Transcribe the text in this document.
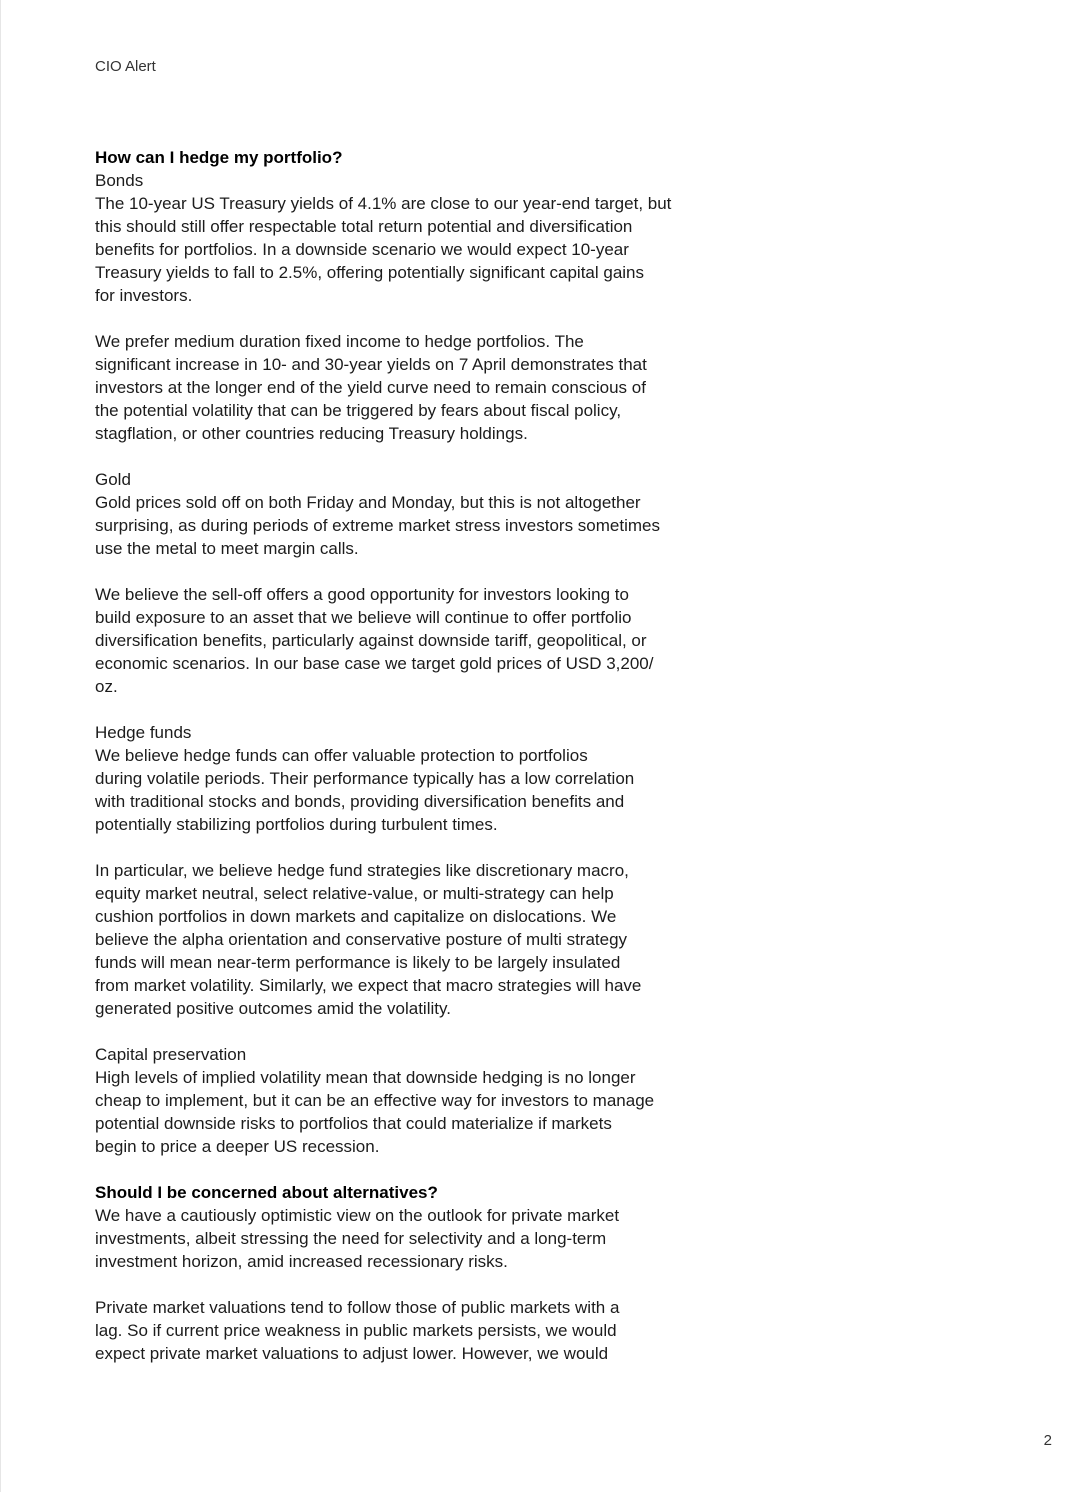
CIO Alert

How can I hedge my portfolio?

Bonds

The 10-year US Treasury yields of 4.1% are close to our year-end target, but
this should still offer respectable total return potential and diversification
benefits for portfolios. In a downside scenario we would expect 10-year
Treasury yields to fall to 2.5%, offering potentially significant capital gains
for investors.

We prefer medium duration fixed income to hedge portfolios. The
significant increase in 10- and 30-year yields on 7 April demonstrates that
investors at the longer end of the yield curve need to remain conscious of
the potential volatility that can be triggered by fears about fiscal policy,
stagflation, or other countries reducing Treasury holdings.

Gold

Gold prices sold off on both Friday and Monday, but this is not altogether
surprising, as during periods of extreme market stress investors sometimes
use the metal to meet margin calls.

We believe the sell-off offers a good opportunity for investors looking to
build exposure to an asset that we believe will continue to offer portfolio
diversification benefits, particularly against downside tariff, geopolitical, or
economic scenarios. In our base case we target gold prices of USD 3,200/
oz.

Hedge funds

We believe hedge funds can offer valuable protection to portfolios
during volatile periods. Their performance typically has a low correlation
with traditional stocks and bonds, providing diversification benefits and
potentially stabilizing portfolios during turbulent times.

In particular, we believe hedge fund strategies like discretionary macro,
equity market neutral, select relative-value, or multi-strategy can help
cushion portfolios in down markets and capitalize on dislocations. We
believe the alpha orientation and conservative posture of multi strategy
funds will mean near-term performance is likely to be largely insulated
from market volatility. Similarly, we expect that macro strategies will have
generated positive outcomes amid the volatility.

Capital preservation

High levels of implied volatility mean that downside hedging is no longer
cheap to implement, but it can be an effective way for investors to manage
potential downside risks to portfolios that could materialize if markets
begin to price a deeper US recession.

Should I be concerned about alternatives?

We have a cautiously optimistic view on the outlook for private market
investments, albeit stressing the need for selectivity and a long-term
investment horizon, amid increased recessionary risks.

Private market valuations tend to follow those of public markets with a
lag. So if current price weakness in public markets persists, we would
expect private market valuations to adjust lower. However, we would

2
